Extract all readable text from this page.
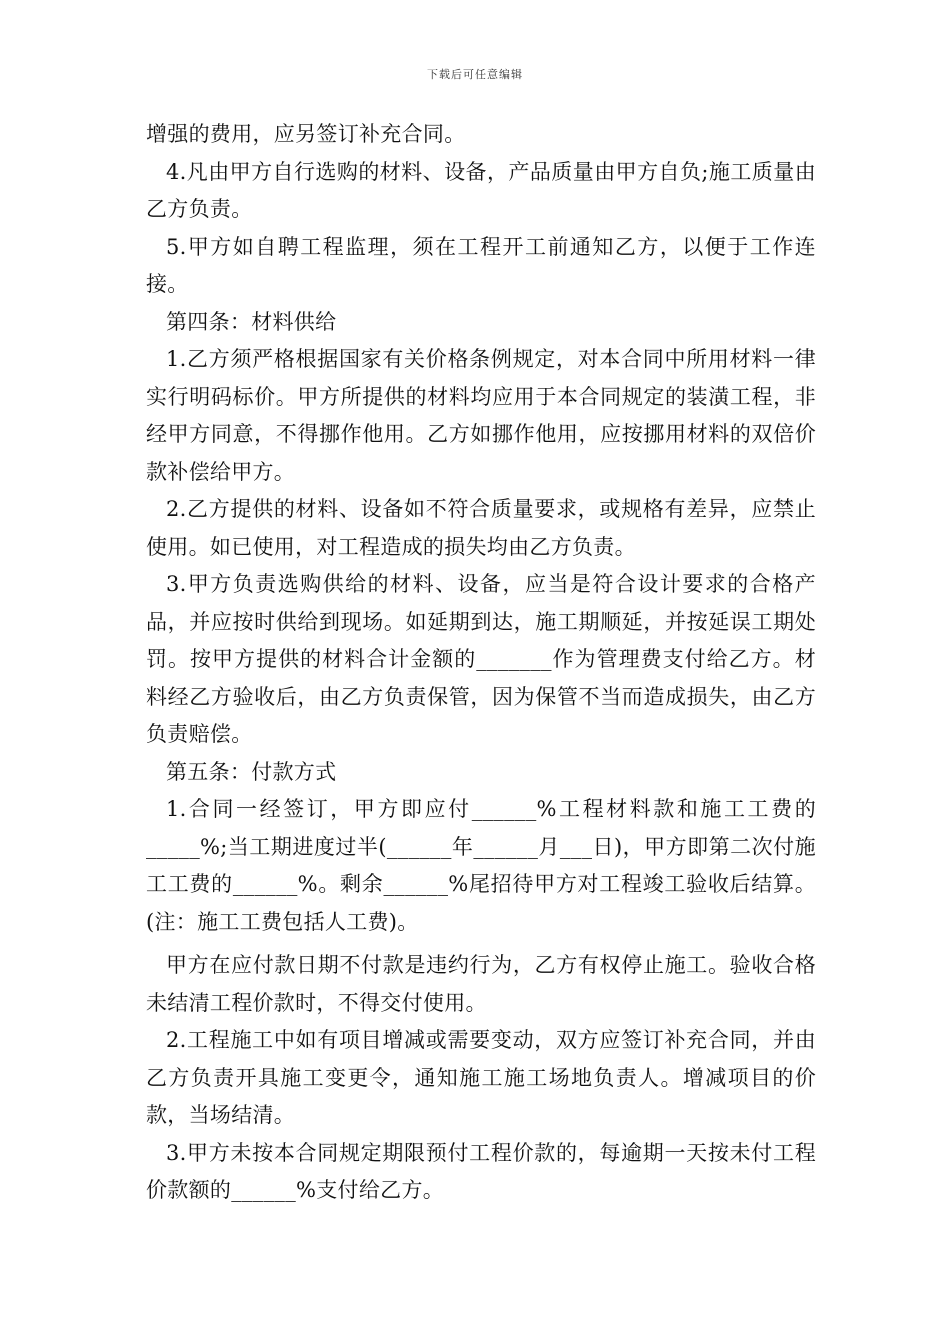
下载后可任意编辑

增强的费用，应另签订补充合同。

4.凡由甲方自行选购的材料、设备，产品质量由甲方自负;施工质量由乙方负责。

5.甲方如自聘工程监理，须在工程开工前通知乙方，以便于工作连接。

第四条：材料供给

1.乙方须严格根据国家有关价格条例规定，对本合同中所用材料一律实行明码标价。甲方所提供的材料均应用于本合同规定的装潢工程，非经甲方同意，不得挪作他用。乙方如挪作他用，应按挪用材料的双倍价款补偿给甲方。

2.乙方提供的材料、设备如不符合质量要求，或规格有差异，应禁止使用。如已使用，对工程造成的损失均由乙方负责。

3.甲方负责选购供给的材料、设备，应当是符合设计要求的合格产品，并应按时供给到现场。如延期到达，施工期顺延，并按延误工期处罚。按甲方提供的材料合计金额的_______作为管理费支付给乙方。材料经乙方验收后，由乙方负责保管，因为保管不当而造成损失，由乙方负责赔偿。

第五条：付款方式

1.合同一经签订，甲方即应付______%工程材料款和施工工费的_____%;当工期进度过半(______年______月___日)，甲方即第二次付施工工费的______%。剩余______%尾招待甲方对工程竣工验收后结算。(注：施工工费包括人工费)。

甲方在应付款日期不付款是违约行为，乙方有权停止施工。验收合格未结清工程价款时，不得交付使用。

2.工程施工中如有项目增减或需要变动，双方应签订补充合同，并由乙方负责开具施工变更令，通知施工施工场地负责人。增减项目的价款，当场结清。

3.甲方未按本合同规定期限预付工程价款的，每逾期一天按未付工程价款额的______%支付给乙方。
